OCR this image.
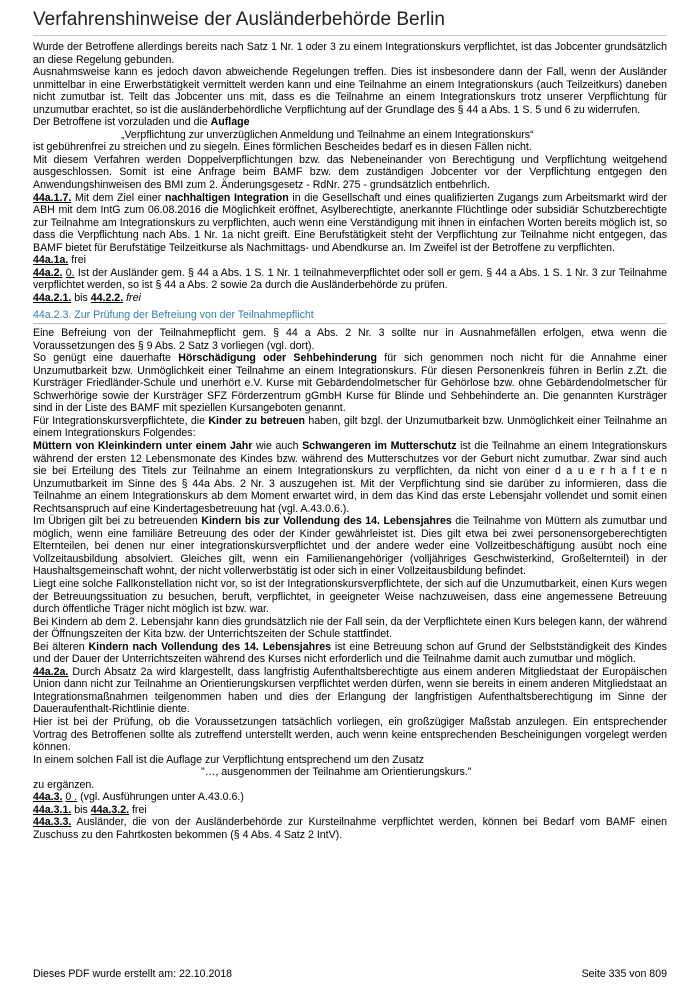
Verfahrenshinweise der Ausländerbehörde Berlin

Wurde der Betroffene allerdings bereits nach Satz 1 Nr. 1 oder 3 zu einem Integrationskurs verpflichtet, ist das Jobcenter grundsätzlich an diese Regelung gebunden.

Ausnahmsweise kann es jedoch davon abweichende Regelungen treffen. Dies ist insbesondere dann der Fall, wenn der Ausländer unmittelbar in eine Erwerbstätigkeit vermittelt werden kann und eine Teilnahme an einem Integrationskurs (auch Teilzeitkurs) daneben nicht zumutbar ist. Teilt das Jobcenter uns mit, dass es die Teilnahme an einem Integrationskurs trotz unserer Verpflichtung für unzumutbar erachtet, so ist die ausländerbehördliche Verpflichtung auf der Grundlage des § 44 a Abs. 1 S. 5 und 6 zu widerrufen.

Der Betroffene ist vorzuladen und die Auflage

„Verpflichtung zur unverzüglichen Anmeldung und Teilnahme an einem Integrationskurs“

ist gebührenfrei zu streichen und zu siegeln. Eines förmlichen Bescheides bedarf es in diesen Fällen nicht.

Mit diesem Verfahren werden Doppelverpflichtungen bzw. das Nebeneinander von Berechtigung und Verpflichtung weitgehend ausgeschlossen. Somit ist eine Anfrage beim BAMF bzw. dem zuständigen Jobcenter vor der Verpflichtung entgegen den Anwendungshinweisen des BMI zum 2. Änderungsgesetz - RdNr. 275 - grundsätzlich entbehrlich.

44a.1.7. Mit dem Ziel einer nachhaltigen Integration in die Gesellschaft und eines qualifizierten Zugangs zum Arbeitsmarkt wird der ABH mit dem IntG zum 06.08.2016 die Möglichkeit eröffnet, Asylberechtigte, anerkannte Flüchtlinge oder subsidiär Schutzberechtigte zur Teilnahme am Integrationskurs zu verpflichten, auch wenn eine Verständigung mit ihnen in einfachen Worten bereits möglich ist, so dass die Verpflichtung nach Abs. 1 Nr. 1a nicht greift. Eine Berufstätigkeit steht der Verpflichtung zur Teilnahme nicht entgegen, das BAMF bietet für Berufstätige Teilzeitkurse als Nachmittags- und Abendkurse an. Im Zweifel ist der Betroffene zu verpflichten.

44a.1a. frei

44a.2. 0. Ist der Ausländer gem. § 44 a Abs. 1 S. 1 Nr. 1 teilnahmeverpflichtet oder soll er gem. § 44 a Abs. 1 S. 1 Nr. 3 zur Teilnahme verpflichtet werden, so ist § 44 a Abs. 2 sowie 2a durch die Ausländerbehörde zu prüfen.

44a.2.1. bis 44.2.2. frei

44a.2.3. Zur Prüfung der Befreiung von der Teilnahmepflicht

Eine Befreiung von der Teilnahmepflicht gem. § 44 a Abs. 2 Nr. 3 sollte nur in Ausnahmefällen erfolgen, etwa wenn die Voraussetzungen des § 9 Abs. 2 Satz 3 vorliegen (vgl. dort).

So genügt eine dauerhafte Hörschädigung oder Sehbehinderung für sich genommen noch nicht für die Annahme einer Unzumutbarkeit bzw. Unmöglichkeit einer Teilnahme an einem Integrationskurs. Für diesen Personenkreis führen in Berlin z.Zt. die Kursträger Friedländer-Schule und unerhört e.V. Kurse mit Gebärdendolmetscher für Gehörlose bzw. ohne Gebärdendolmetscher für Schwerhörige sowie der Kursträger SFZ Förderzentrum gGmbH Kurse für Blinde und Sehbehinderte an. Die genannten Kursträger sind in der Liste des BAMF mit speziellen Kursangeboten genannt.

Für Integrationskursverpflichtete, die Kinder zu betreuen haben, gilt bzgl. der Unzumutbarkeit bzw. Unmöglichkeit einer Teilnahme an einem Integrationskurs Folgendes:

Müttern von Kleinkindern unter einem Jahr wie auch Schwangeren im Mutterschutz ist die Teilnahme an einem Integrationskurs während der ersten 12 Lebensmonate des Kindes bzw. während des Mutterschutzes vor der Geburt nicht zumutbar. Zwar sind auch sie bei Erteilung des Titels zur Teilnahme an einem Integrationskurs zu verpflichten, da nicht von einer d a u e r h a f t e n Unzumutbarkeit im Sinne des § 44a Abs. 2 Nr. 3 auszugehen ist. Mit der Verpflichtung sind sie darüber zu informieren, dass die Teilnahme an einem Integrationskurs ab dem Moment erwartet wird, in dem das Kind das erste Lebensjahr vollendet und somit einen Rechtsanspruch auf eine Kindertagesbetreuung hat (vgl. A.43.0.6.).

Im Übrigen gilt bei zu betreuenden Kindern bis zur Vollendung des 14. Lebensjahres die Teilnahme von Müttern als zumutbar und möglich, wenn eine familiäre Betreuung des oder der Kinder gewährleistet ist. Dies gilt etwa bei zwei personensorgeberechtigten Elternteilen, bei denen nur einer integrationskursverpflichtet und der andere weder eine Vollzeitbeschäftigung ausübt noch eine Vollzeitausbildung absolviert. Gleiches gilt, wenn ein Familienangehöriger (volljähriges Geschwisterkind, Großelternteil) in der Haushaltsgemeinschaft wohnt, der nicht vollerwerbstätig ist oder sich in einer Vollzeitausbildung befindet.

Liegt eine solche Fallkonstellation nicht vor, so ist der Integrationskursverpflichtete, der sich auf die Unzumutbarkeit, einen Kurs wegen der Betreuungssituation zu besuchen, beruft, verpflichtet, in geeigneter Weise nachzuweisen, dass eine angemessene Betreuung durch öffentliche Träger nicht möglich ist bzw. war.

Bei Kindern ab dem 2. Lebensjahr kann dies grundsätzlich nie der Fall sein, da der Verpflichtete einen Kurs belegen kann, der während der Öffnungszeiten der Kita bzw. der Unterrichtszeiten der Schule stattfindet.

Bei älteren Kindern nach Vollendung des 14. Lebensjahres ist eine Betreuung schon auf Grund der Selbstständigkeit des Kindes und der Dauer der Unterrichtszeiten während des Kurses nicht erforderlich und die Teilnahme damit auch zumutbar und möglich.

44a.2a. Durch Absatz 2a wird klargestellt, dass langfristig Aufenthaltsberechtigte aus einem anderen Mitgliedstaat der Europäischen Union dann nicht zur Teilnahme an Orientierungskursen verpflichtet werden dürfen, wenn sie bereits in einem anderen Mitgliedstaat an Integrationsmaßnahmen teilgenommen haben und dies der Erlangung der langfristigen Aufenthaltsberechtigung im Sinne der Daueraufenthalt-Richtlinie diente.

Hier ist bei der Prüfung, ob die Voraussetzungen tatsächlich vorliegen, ein großzügiger Maßstab anzulegen. Ein entsprechender Vortrag des Betroffenen sollte als zutreffend unterstellt werden, auch wenn keine entsprechenden Bescheinigungen vorgelegt werden können.

In einem solchen Fall ist die Auflage zur Verpflichtung entsprechend um den Zusatz

"…, ausgenommen der Teilnahme am Orientierungskurs."

zu ergänzen.

44a.3. 0 . (vgl. Ausführungen unter A.43.0.6.)

44a.3.1. bis 44a.3.2. frei

44a.3.3. Ausländer, die von der Ausländerbehörde zur Kursteilnahme verpflichtet werden, können bei Bedarf vom BAMF einen Zuschuss zu den Fahrtkosten bekommen (§ 4 Abs. 4 Satz 2 IntV).

Dieses PDF wurde erstellt am: 22.10.2018	Seite 335 von 809
